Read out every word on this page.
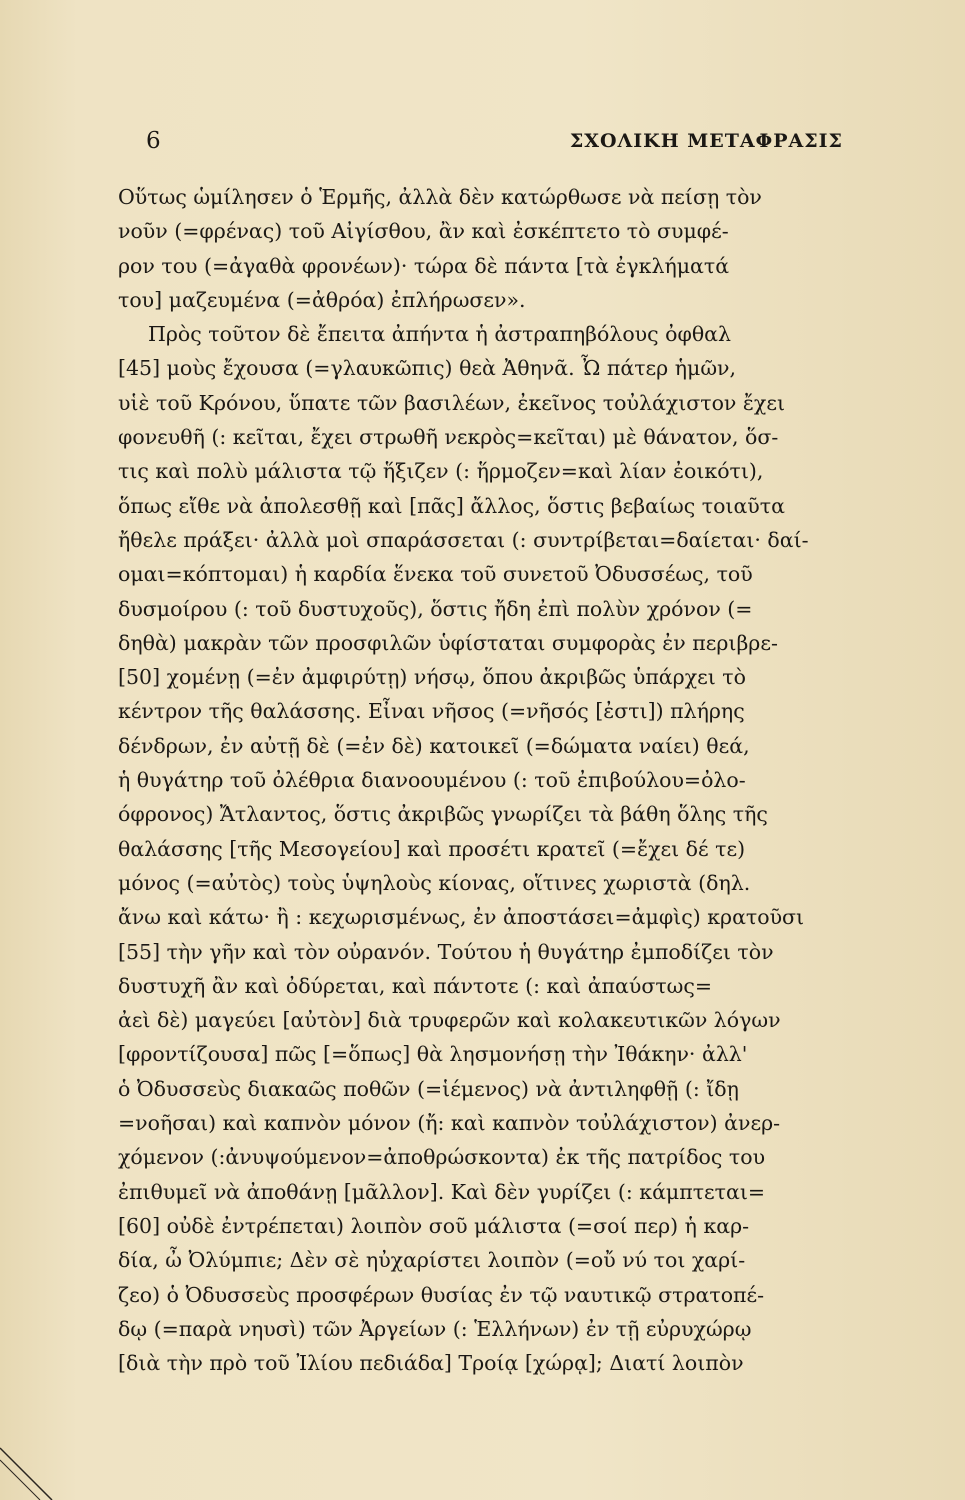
6	ΣΧΟΛΙΚΗ ΜΕΤΑΦΡΑΣΙΣ
Οὕτως ὡμίλησεν ὁ Ἑρμῆς, ἀλλὰ δὲν κατώρθωσε νὰ πείσῃ τὸν
νοῦν (=φρένας) τοῦ Αἰγίσθου, ἂν καὶ ἐσκέπτετο τὸ συμφέ-
ρον του (=ἀγαθὰ φρονέων)· τώρα δὲ πάντα [τὰ ἐγκλήματά
του] μαζευμένα (=ἀθρόα) ἐπλήρωσεν».
Πρὸς τοῦτον δὲ ἔπειτα ἀπήντα ἡ ἀστραπηβόλους ὀφθαλ
[45] μοὺς ἔχουσα (=γλαυκῶπις) θεὰ Ἀθηνᾶ. Ὦ πάτερ ἡμῶν,
υἱὲ τοῦ Κρόνου, ὕπατε τῶν βασιλέων, ἐκεῖνος τοὐλάχιστον ἔχει
φονευθῆ (: κεῖται, ἔχει στρωθῆ νεκρὸς=κεῖται) μὲ θάνατον, ὅσ-
τις καὶ πολὺ μάλιστα τῷ ἥξιζεν (: ἥρμοζεν=καὶ λίαν ἐοικότι),
ὅπως εἴθε νὰ ἀπολεσθῇ καὶ [πᾶς] ἄλλος, ὅστις βεβαίως τοιαῦτα
ἤθελε πράξει· ἀλλὰ μοὶ σπαράσσεται (: συντρίβεται=δαίεται· δαί-
ομαι=κόπτομαι) ἡ καρδία ἕνεκα τοῦ συνετοῦ Ὀδυσσέως, τοῦ
δυσμοίρου (: τοῦ δυστυχοῦς), ὅστις ἤδη ἐπὶ πολὺν χρόνον (=
δηθὰ) μακρὰν τῶν προσφιλῶν ὑφίσταται συμφορὰς ἐν περιβρε-
[50] χομένῃ (=ἐν ἀμφιρύτῃ) νήσῳ, ὅπου ἀκριβῶς ὑπάρχει τὸ
κέντρον τῆς θαλάσσης. Εἶναι νῆσος (=νῆσός [ἐστι]) πλήρης
δένδρων, ἐν αὐτῇ δὲ (=ἐν δὲ) κατοικεῖ (=δώματα ναίει) θεά,
ἡ θυγάτηρ τοῦ ὀλέθρια διανοουμένου (: τοῦ ἐπιβούλου=ὀλο-
όφρονος) Ἄτλαντος, ὅστις ἀκριβῶς γνωρίζει τὰ βάθη ὅλης τῆς
θαλάσσης [τῆς Μεσογείου] καὶ προσέτι κρατεῖ (=ἔχει δέ τε)
μόνος (=αὐτὸς) τοὺς ὑψηλοὺς κίονας, οἵτινες χωριστὰ (δηλ.
ἄνω καὶ κάτω· ἢ : κεχωρισμένως, ἐν ἀποστάσει=ἀμφὶς) κρατοῦσι
[55] τὴν γῆν καὶ τὸν οὐρανόν. Τούτου ἡ θυγάτηρ ἐμποδίζει τὸν
δυστυχῆ ἂν καὶ ὀδύρεται, καὶ πάντοτε (: καὶ ἀπαύστως=
ἀεὶ δὲ) μαγεύει [αὐτὸν] διὰ τρυφερῶν καὶ κολακευτικῶν λόγων
[φροντίζουσα] πῶς [=ὅπως] θὰ λησμονήσῃ τὴν Ἰθάκην· ἀλλ'
ὁ Ὀδυσσεὺς διακαῶς ποθῶν (=ἱέμενος) νὰ ἀντιληφθῇ (: ἴδῃ
=νοῆσαι) καὶ καπνὸν μόνον (ἤ: καὶ καπνὸν τοὐλάχιστον) ἀνερ-
χόμενον (:ἀνυψούμενον=ἀποθρώσκοντα) ἐκ τῆς πατρίδος του
ἐπιθυμεῖ νὰ ἀποθάνῃ [μᾶλλον]. Καὶ δὲν γυρίζει (: κάμπτεται=
[60] οὐδὲ ἐντρέπεται) λοιπὸν σοῦ μάλιστα (=σοί περ) ἡ καρ-
δία, ὦ Ὀλύμπιε; Δὲν σὲ ηὐχαρίστει λοιπὸν (=οὔ νύ τοι χαρί-
ζεο) ὁ Ὀδυσσεὺς προσφέρων θυσίας ἐν τῷ ναυτικῷ στρατοπέ-
δῳ (=παρὰ νηυσὶ) τῶν Ἀργείων (: Ἑλλήνων) ἐν τῇ εὐρυχώρῳ
[διὰ τὴν πρὸ τοῦ Ἰλίου πεδιάδα] Τροίᾳ [χώρᾳ]; Διατί λοιπὸν
